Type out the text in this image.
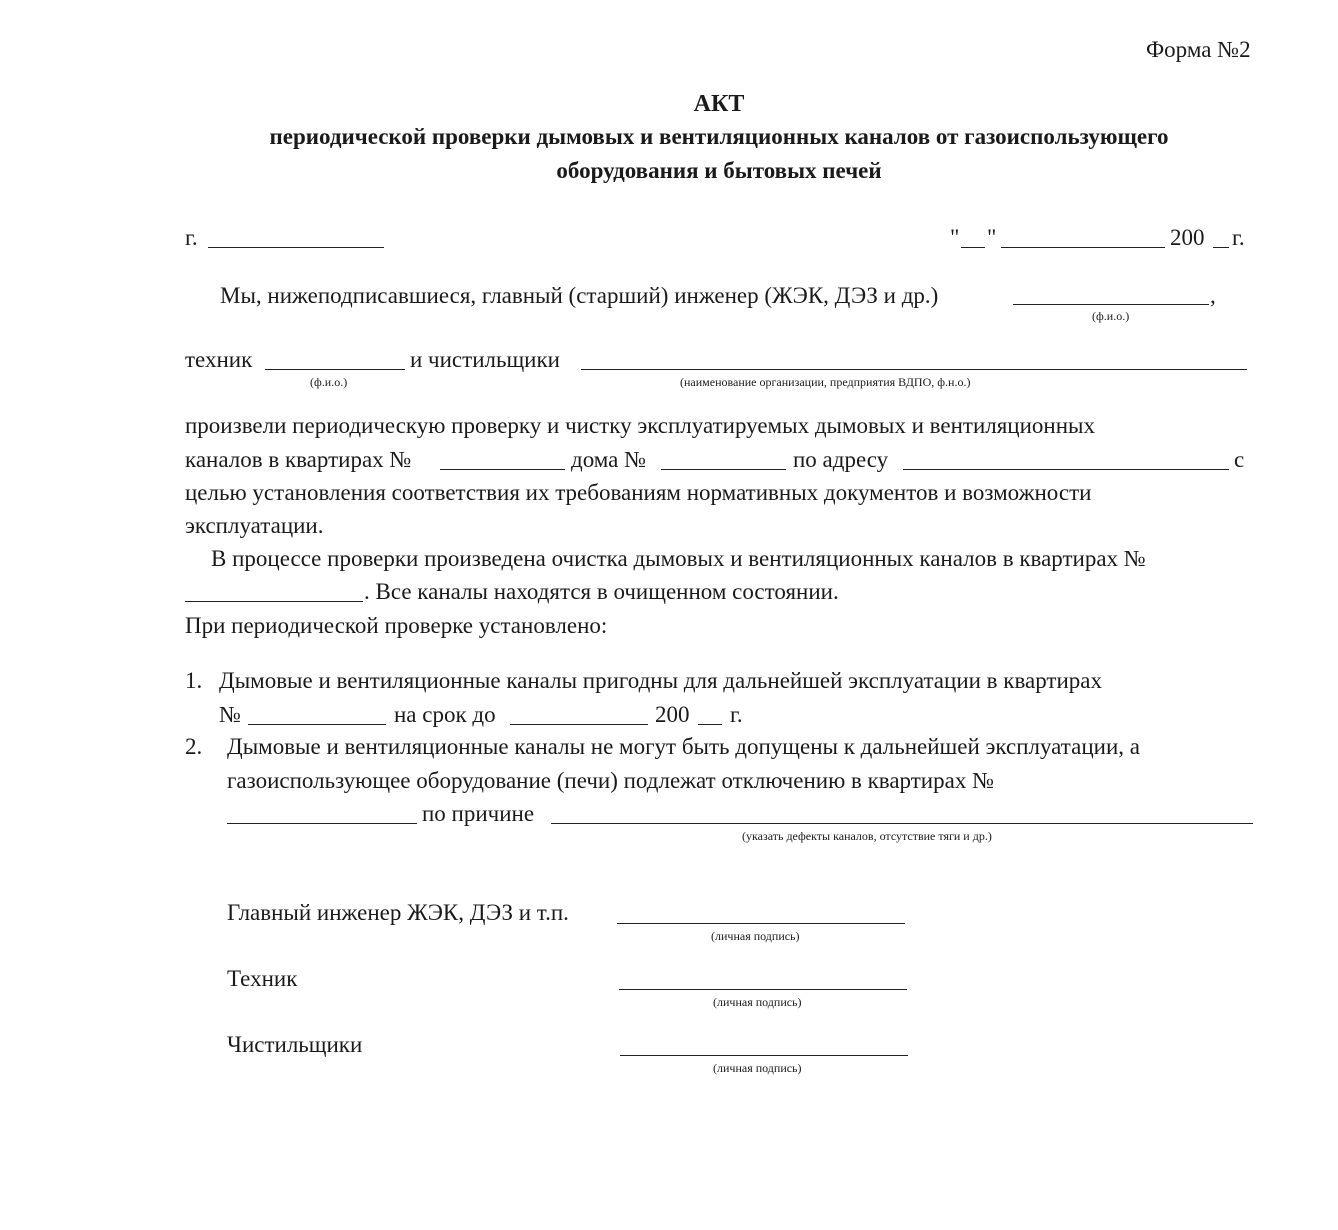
Форма №2
АКТ
периодической проверки дымовых и вентиляционных каналов от газоиспользующего
оборудования и бытовых печей
г.	" "	200 г.
Мы, нижеподписавшиеся, главный (старший) инженер (ЖЭК, ДЭЗ и др.)	,
(ф.и.о.)
техник	и чистильщики
(ф.и.о.)	(наименование организации, предприятия ВДПО, ф.н.о.)
произвели периодическую проверку и чистку эксплуатируемых дымовых и вентиляционных
каналов в квартирах №	дома №	по адресу	с
целью установления соответствия их требованиям нормативных документов и возможности
эксплуатации.
В процессе проверки произведена очистка дымовых и вентиляционных каналов в квартирах №
. Все каналы находятся в очищенном состоянии.
При периодической проверке установлено:
1. Дымовые и вентиляционные каналы пригодны для дальнейшей эксплуатации в квартирах
№	на срок до	200 г.
2. Дымовые и вентиляционные каналы не могут быть допущены к дальнейшей эксплуатации, а
газоиспользующее оборудование (печи) подлежат отключению в квартирах №
по причине
(указать дефекты каналов, отсутствие тяги и др.)
Главный инженер ЖЭК, ДЭЗ и т.п.
(личная подпись)
Техник
(личная подпись)
Чистильщики
(личная подпись)
